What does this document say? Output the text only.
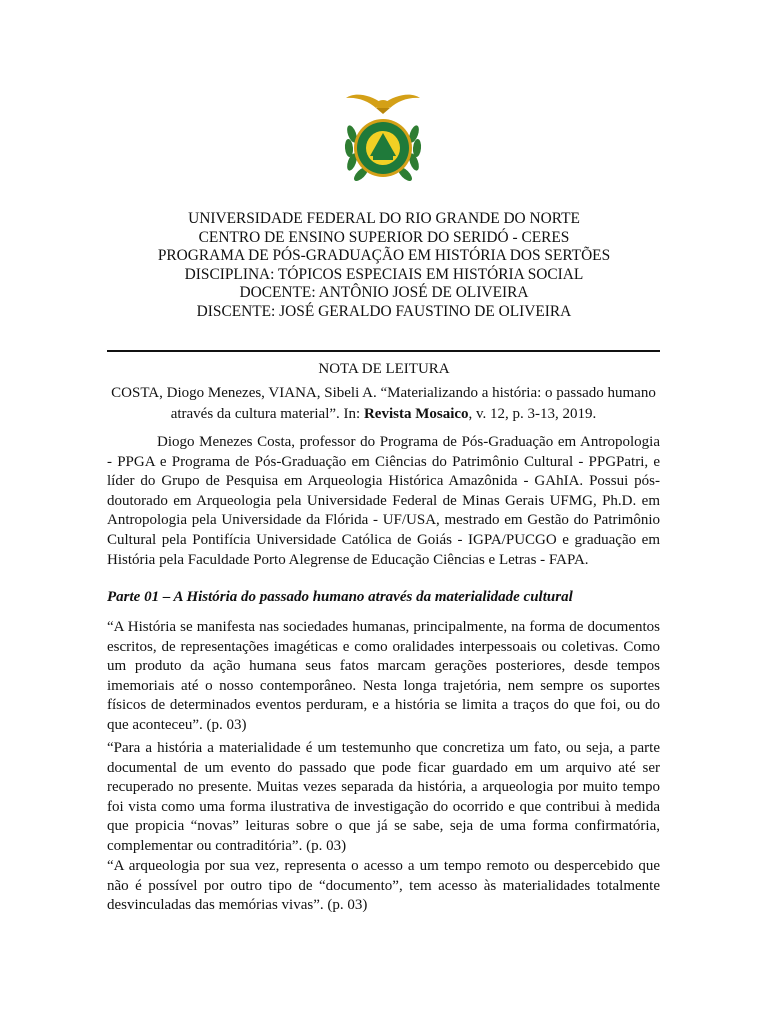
UNIVERSIDADE FEDERAL DO RIO GRANDE DO NORTE
CENTRO DE ENSINO SUPERIOR DO SERIDÓ - CERES
PROGRAMA DE PÓS-GRADUAÇÃO EM HISTÓRIA DOS SERTÕES
DISCIPLINA: TÓPICOS ESPECIAIS EM HISTÓRIA SOCIAL
DOCENTE: ANTÔNIO JOSÉ DE OLIVEIRA
DISCENTE: JOSÉ GERALDO FAUSTINO DE OLIVEIRA
NOTA DE LEITURA
COSTA, Diogo Menezes, VIANA, Sibeli A. “Materializando a história: o passado humano através da cultura material”. In: Revista Mosaico, v. 12, p. 3-13, 2019.
Diogo Menezes Costa, professor do Programa de Pós-Graduação em Antropologia - PPGA e Programa de Pós-Graduação em Ciências do Patrimônio Cultural - PPGPatri, e líder do Grupo de Pesquisa em Arqueologia Histórica Amazônida - GAhIA. Possui pós-doutorado em Arqueologia pela Universidade Federal de Minas Gerais UFMG, Ph.D. em Antropologia pela Universidade da Flórida - UF/USA, mestrado em Gestão do Patrimônio Cultural pela Pontifícia Universidade Católica de Goiás - IGPA/PUCGO e graduação em História pela Faculdade Porto Alegrense de Educação Ciências e Letras - FAPA.
Parte 01 – A História do passado humano através da materialidade cultural
“A História se manifesta nas sociedades humanas, principalmente, na forma de documentos escritos, de representações imagéticas e como oralidades interpessoais ou coletivas. Como um produto da ação humana seus fatos marcam gerações posteriores, desde tempos imemoriais até o nosso contemporâneo. Nesta longa trajetória, nem sempre os suportes físicos de determinados eventos perduram, e a história se limita a traços do que foi, ou do que aconteceu”. (p. 03)
“Para a história a materialidade é um testemunho que concretiza um fato, ou seja, a parte documental de um evento do passado que pode ficar guardado em um arquivo até ser recuperado no presente. Muitas vezes separada da história, a arqueologia por muito tempo foi vista como uma forma ilustrativa de investigação do ocorrido e que contribui à medida que propicia “novas” leituras sobre o que já se sabe, seja de uma forma confirmatória, complementar ou contraditória”. (p. 03)
“A arqueologia por sua vez, representa o acesso a um tempo remoto ou despercebido que não é possível por outro tipo de “documento”, tem acesso às materialidades totalmente desvinculadas das memórias vivas”. (p. 03)
